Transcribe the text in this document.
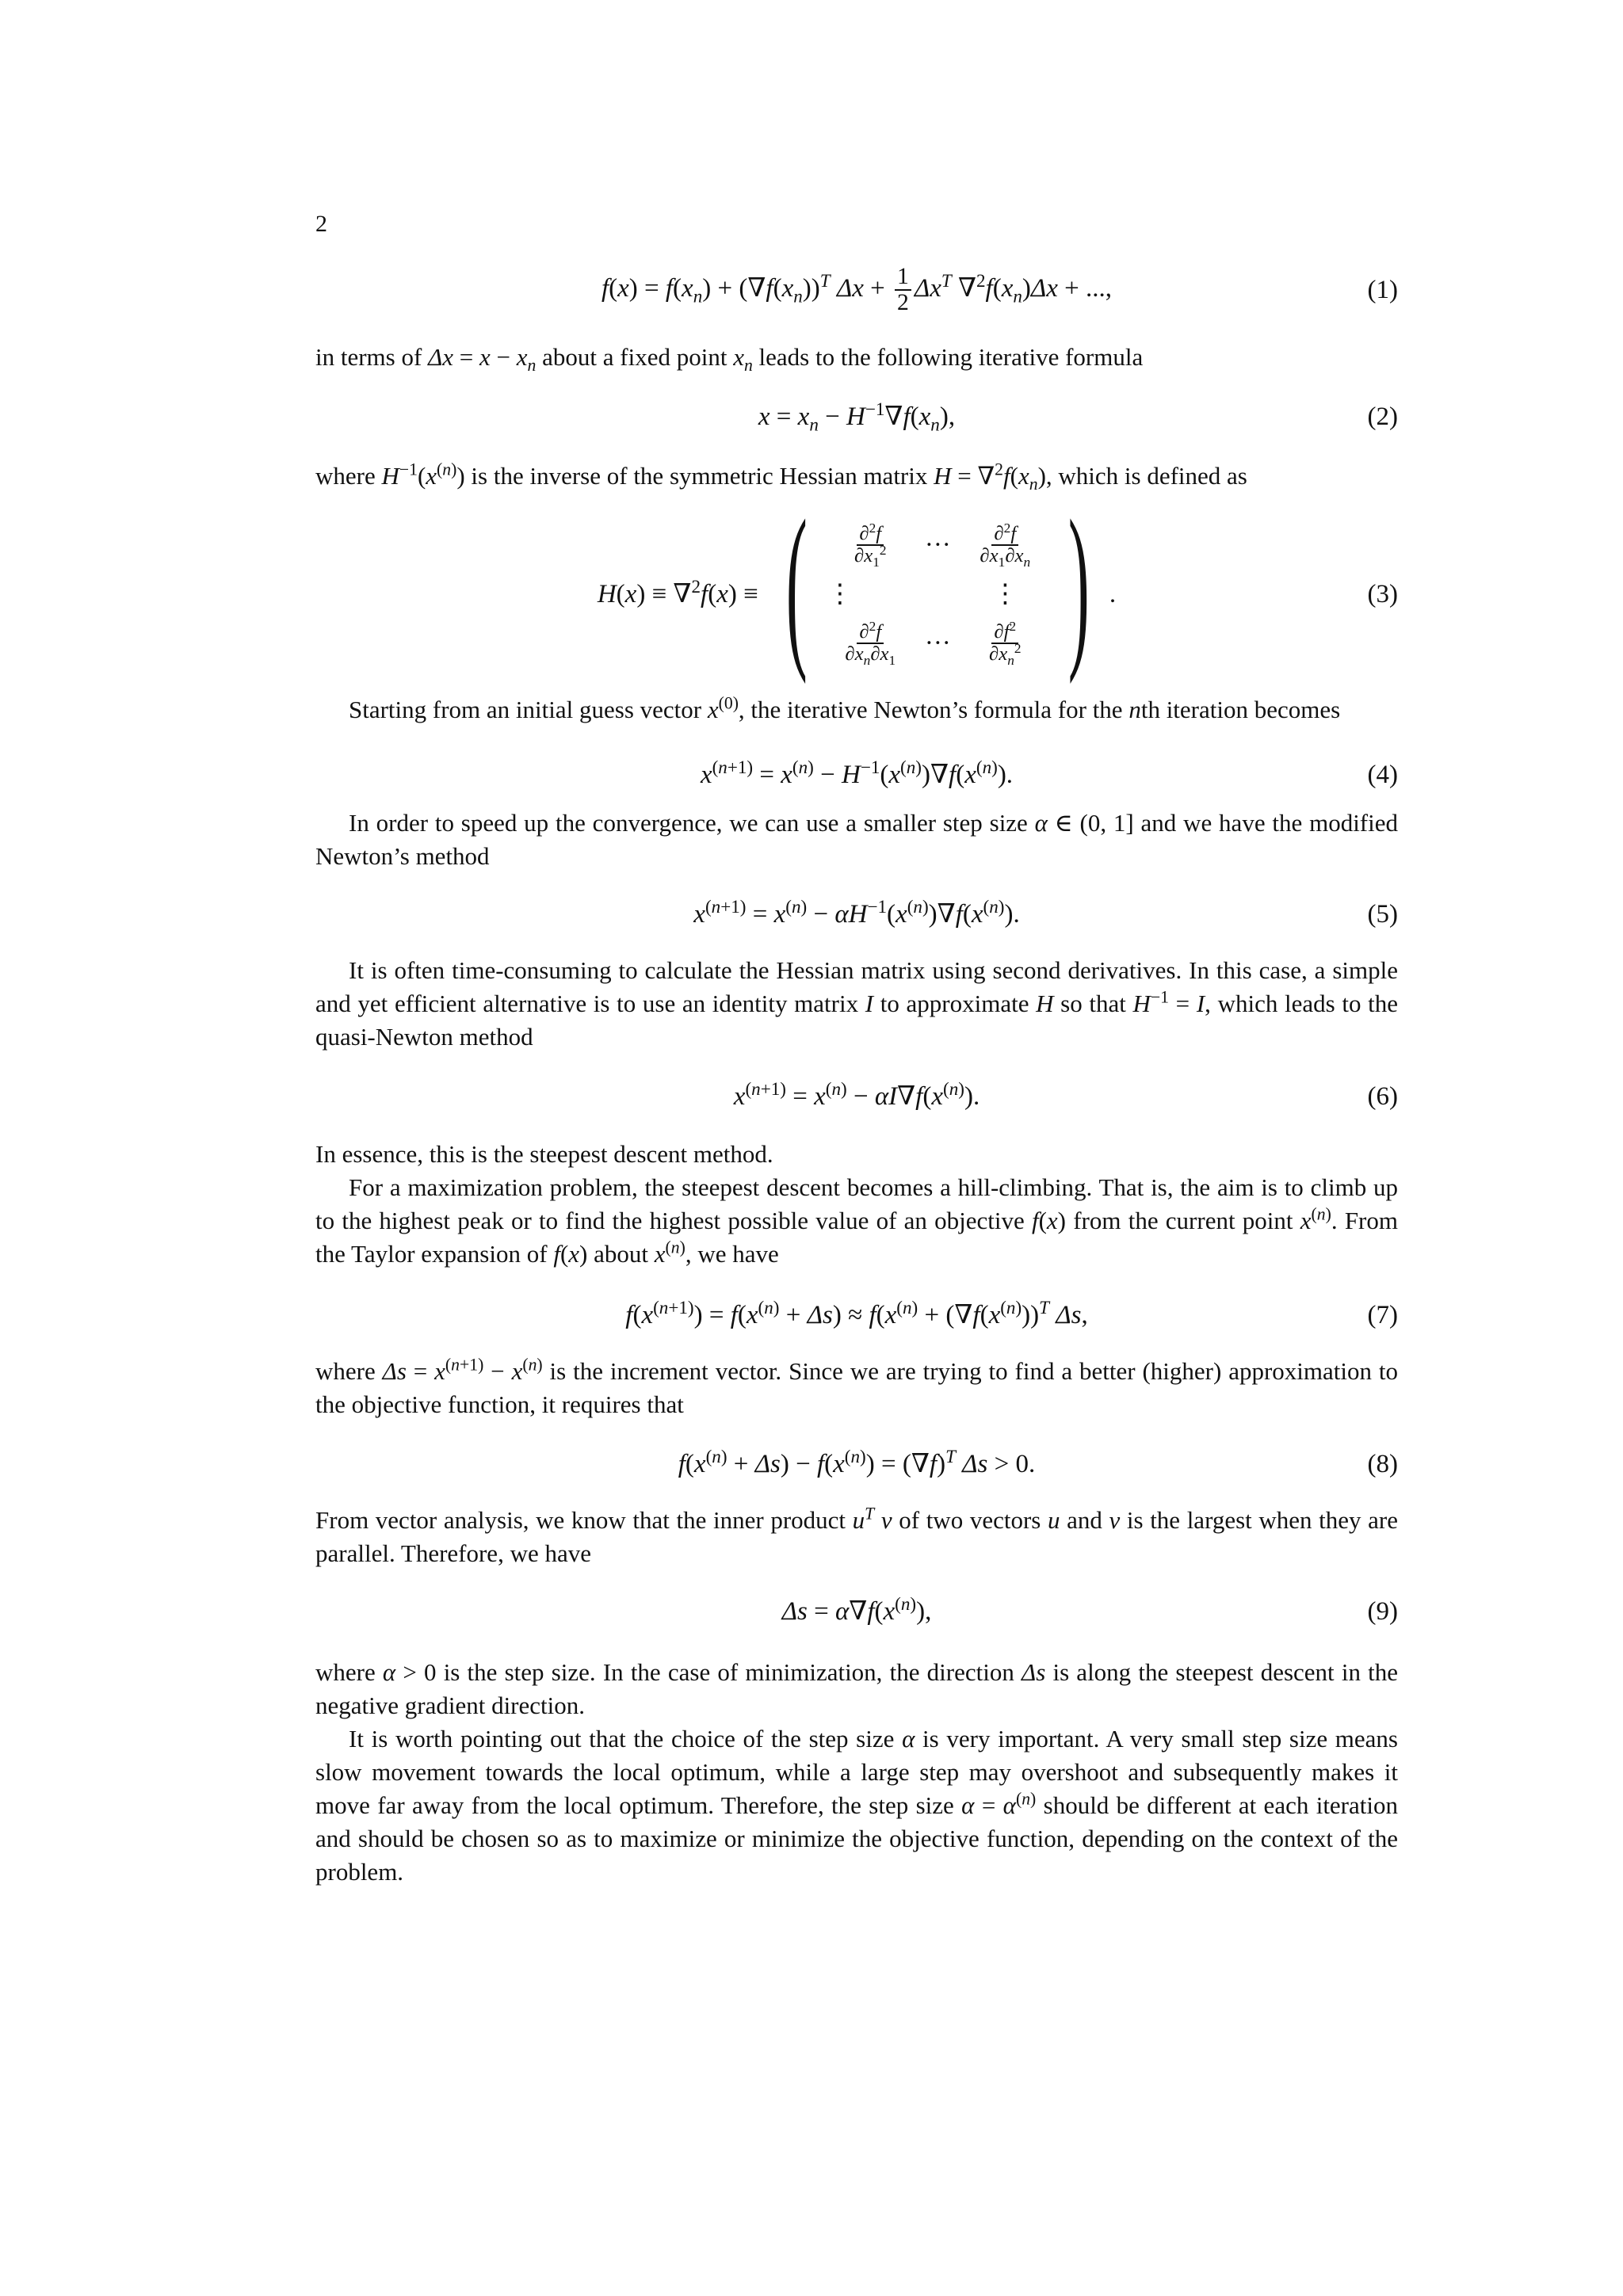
2
$f(x) = f(x_n) + (\nabla f(x_n))^T$ $\Delta x + \frac{1}{2} \Delta x^T$ $\nabla^2f(x_n)\Delta x$ + ...,	(1)

in terms of $\Delta x = x - x_n$ about a fixed point $x_n$ leads to the following iterative formula

$x = x_n - H^{-1}\nabla f(x_n)$,	(2)

where $H^{-1}(x^{(n)})$ is the inverse of the symmetric Hessian matrix $H = \nabla^2f(x_n)$, which is defined as

H(x) ≡ ∇$^2$f(x) ≡ ( $\frac{\partial^2f}{\partial x_1^2}$ ··· $\frac{\partial^2f}{\partial x_1\partial x_n}$
⋮	⋮
$\frac{\partial^2f}{\partial x_n\partial x_1}$ ··· $\frac{\partial f^2}{\partial x_n^2}$ ) .	(3)

Starting from an initial guess vector $x^{(0)}$, the iterative Newton’s formula for the nth iteration becomes

$x^{(n+1)} = x^{(n)} - H^{-1}(x^{(n)})\nabla f(x^{(n)})$.	(4)

In order to speed up the convergence, we can use a smaller step size α ∈ (0, 1] and we have the modified Newton’s method

$x^{(n+1)} = x^{(n)} - \alpha H^{-1}(x^{(n)})\nabla f(x^{(n)})$.	(5)

It is often time-consuming to calculate the Hessian matrix using second derivatives. In this case, a simple and yet efficient alternative is to use an identity matrix I to approximate H so that $H^{-1} = I$, which leads to the quasi-Newton method

$x^{(n+1)} = x^{(n)} - \alpha I\nabla f(x^{(n)})$.	(6)

In essence, this is the steepest descent method.

For a maximization problem, the steepest descent becomes a hill-climbing. That is, the aim is to climb up to the highest peak or to find the highest possible value of an objective f(x) from the current point $x^{(n)}$. From the Taylor expansion of f(x) about $x^{(n)}$, we have

$f(x^{(n+1)}) = f(x^{(n)} + \Delta s) \approx f(x^{(n)} + (\nabla f(x^{(n)}))^T$ Δs,	(7)

where $\Delta s = x^{(n+1)} - x^{(n)}$ is the increment vector. Since we are trying to find a better (higher) approximation to the objective function, it requires that

$f(x^{(n)} + \Delta s) - f(x^{(n)}) = (\nabla f)^T$ Δs > 0.	(8)

From vector analysis, we know that the inner product $u^T$ v of two vectors u and v is the largest when they are parallel. Therefore, we have

$\Delta s = \alpha\nabla f(x^{(n)})$,	(9)

where α > 0 is the step size. In the case of minimization, the direction Δs is along the steepest descent in the negative gradient direction.

It is worth pointing out that the choice of the step size α is very important. A very small step size means slow movement towards the local optimum, while a large step may overshoot and subsequently makes it move far away from the local optimum. Therefore, the step size $\alpha = \alpha^{(n)}$ should be different at each iteration and should be chosen so as to maximize or minimize the objective function, depending on the context of the problem.
